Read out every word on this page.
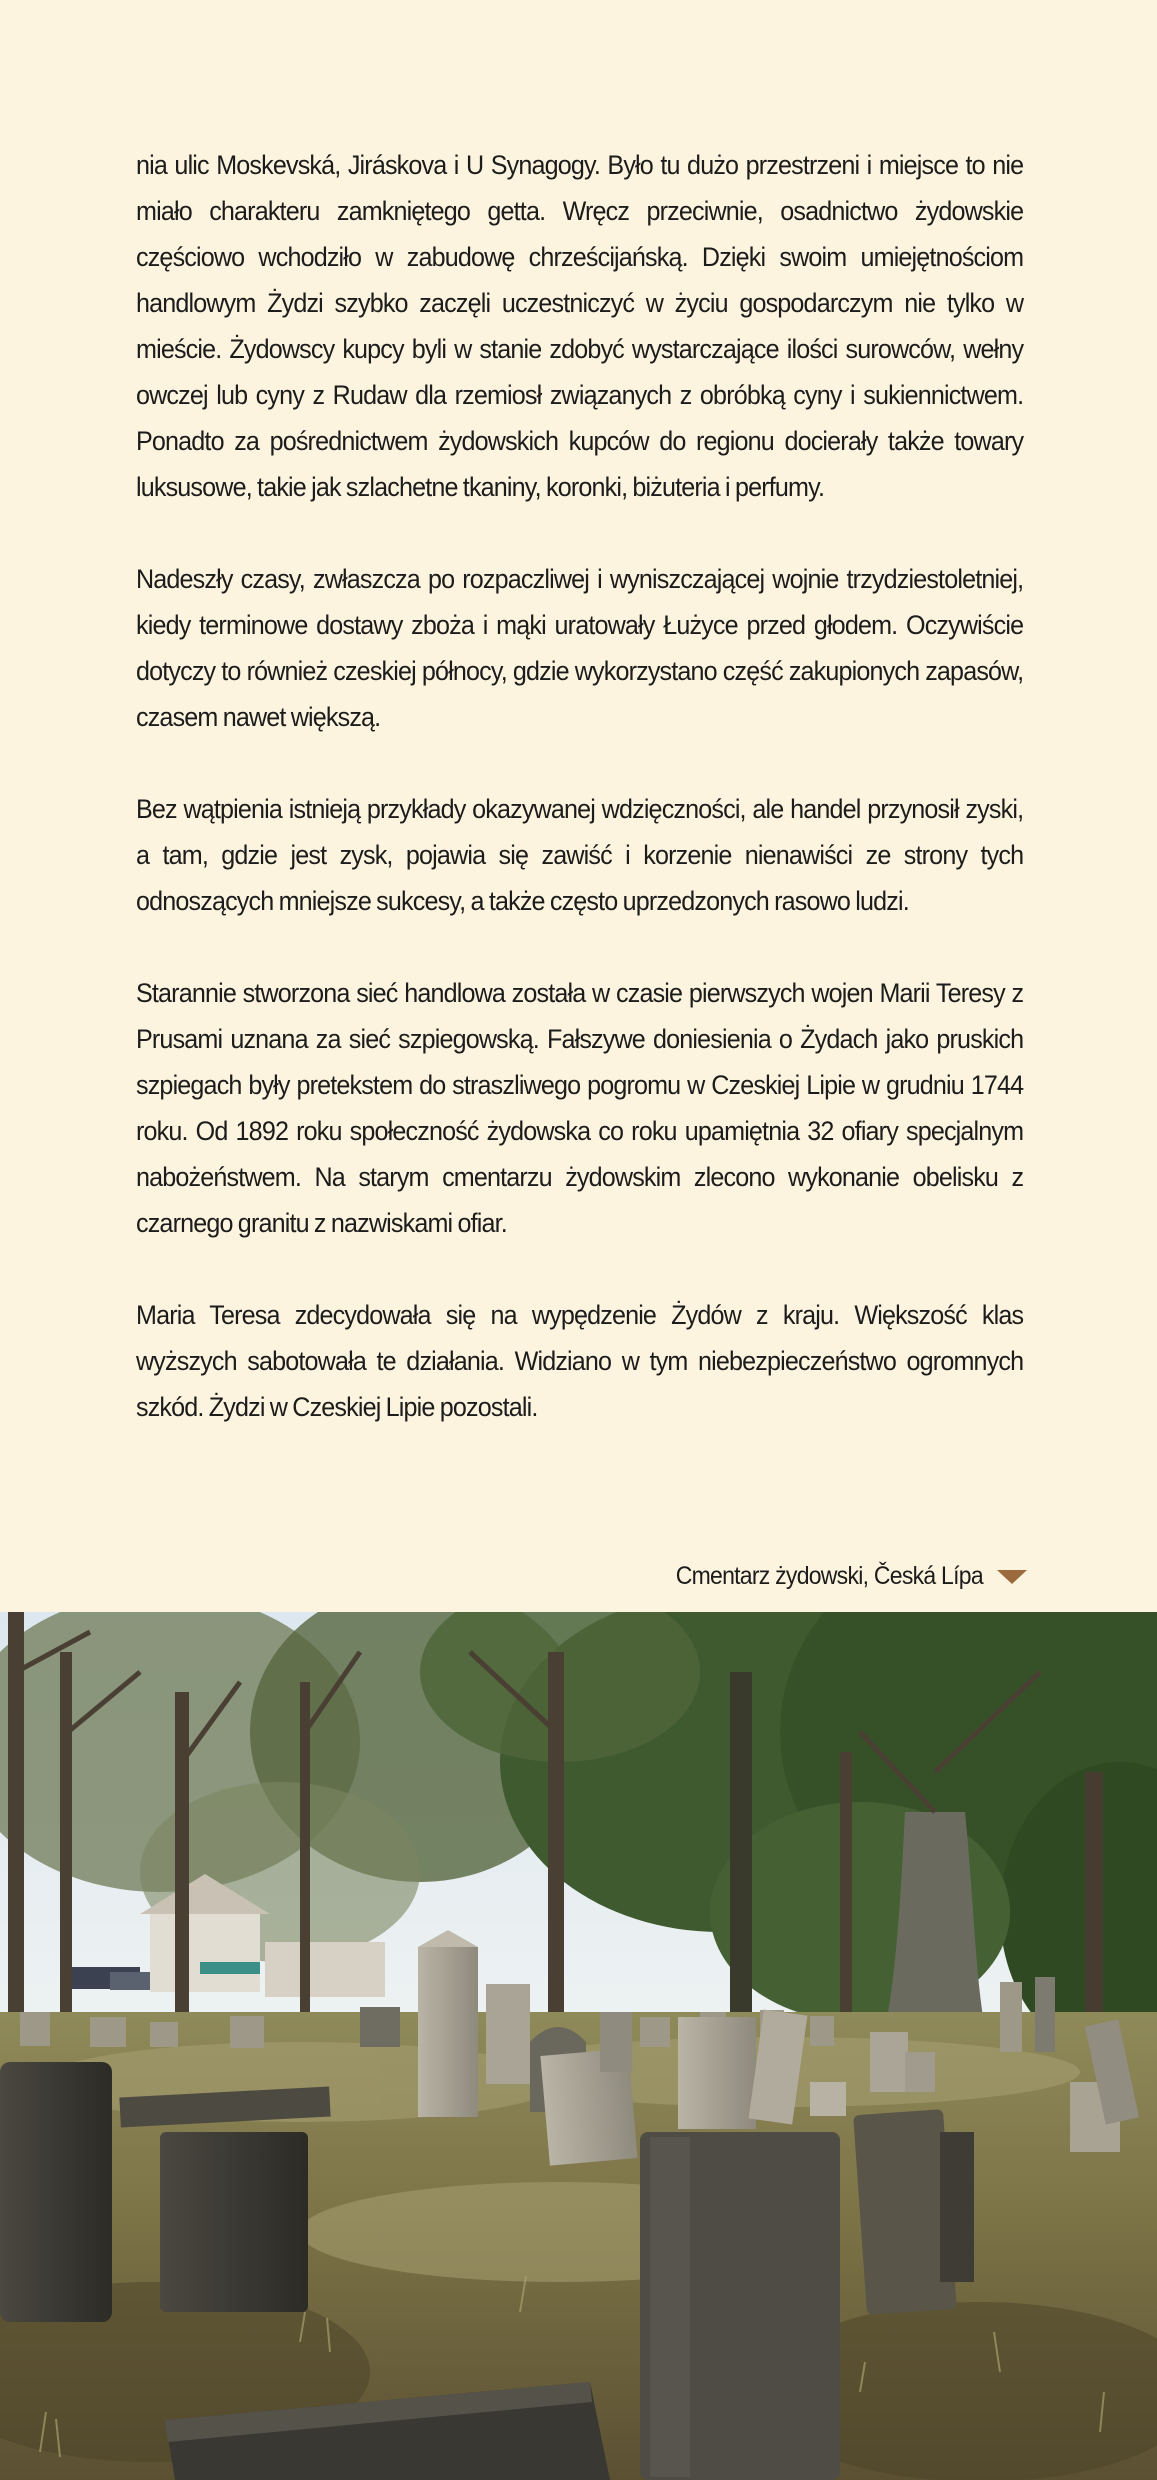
nia ulic Moskevská, Jiráskova i U Synagogy. Było tu dużo przestrzeni i miejsce to nie miało charakteru zamkniętego getta. Wręcz przeciwnie, osadnictwo żydowskie częściowo wchodziło w zabudowę chrześcijańską. Dzięki swoim umiejętnościom handlowym Żydzi szybko zaczęli uczestniczyć w życiu gospodarczym nie tylko w mieście. Żydowscy kupcy byli w stanie zdobyć wystarczające ilości surowców, wełny owczej lub cyny z Rudaw dla rzemiosł związanych z obróbką cyny i sukiennictwem. Ponadto za pośrednictwem żydowskich kupców do regionu docierały także towary luksusowe, takie jak szlachetne tkaniny, koronki, biżuteria i perfumy.

Nadeszły czasy, zwłaszcza po rozpaczliwej i wyniszczającej wojnie trzydziestoletniej, kiedy terminowe dostawy zboża i mąki uratowały Łużyce przed głodem. Oczywiście dotyczy to również czeskiej północy, gdzie wykorzystano część zakupionych zapasów, czasem nawet większą.

Bez wątpienia istnieją przykłady okazywanej wdzięczności, ale handel przynosił zyski, a tam, gdzie jest zysk, pojawia się zawiść i korzenie nienawiści ze strony tych odnoszących mniejsze sukcesy, a także często uprzedzonych rasowo ludzi.

Starannie stworzona sieć handlowa została w czasie pierwszych wojen Marii Teresy z Prusami uznana za sieć szpiegowską. Fałszywe doniesienia o Żydach jako pruskich szpiegach były pretekstem do straszliwego pogromu w Czeskiej Lipie w grudniu 1744 roku. Od 1892 roku społeczność żydowska co roku upamiętnia 32 ofiary specjalnym nabożeństwem. Na starym cmentarzu żydowskim zlecono wykonanie obelisku z czarnego granitu z nazwiskami ofiar.

Maria Teresa zdecydowała się na wypędzenie Żydów z kraju. Większość klas wyższych sabotowała te działania. Widziano w tym niebezpieczeństwo ogromnych szkód. Żydzi w Czeskiej Lipie pozostali.

Cmentarz żydowski, Česká Lípa
